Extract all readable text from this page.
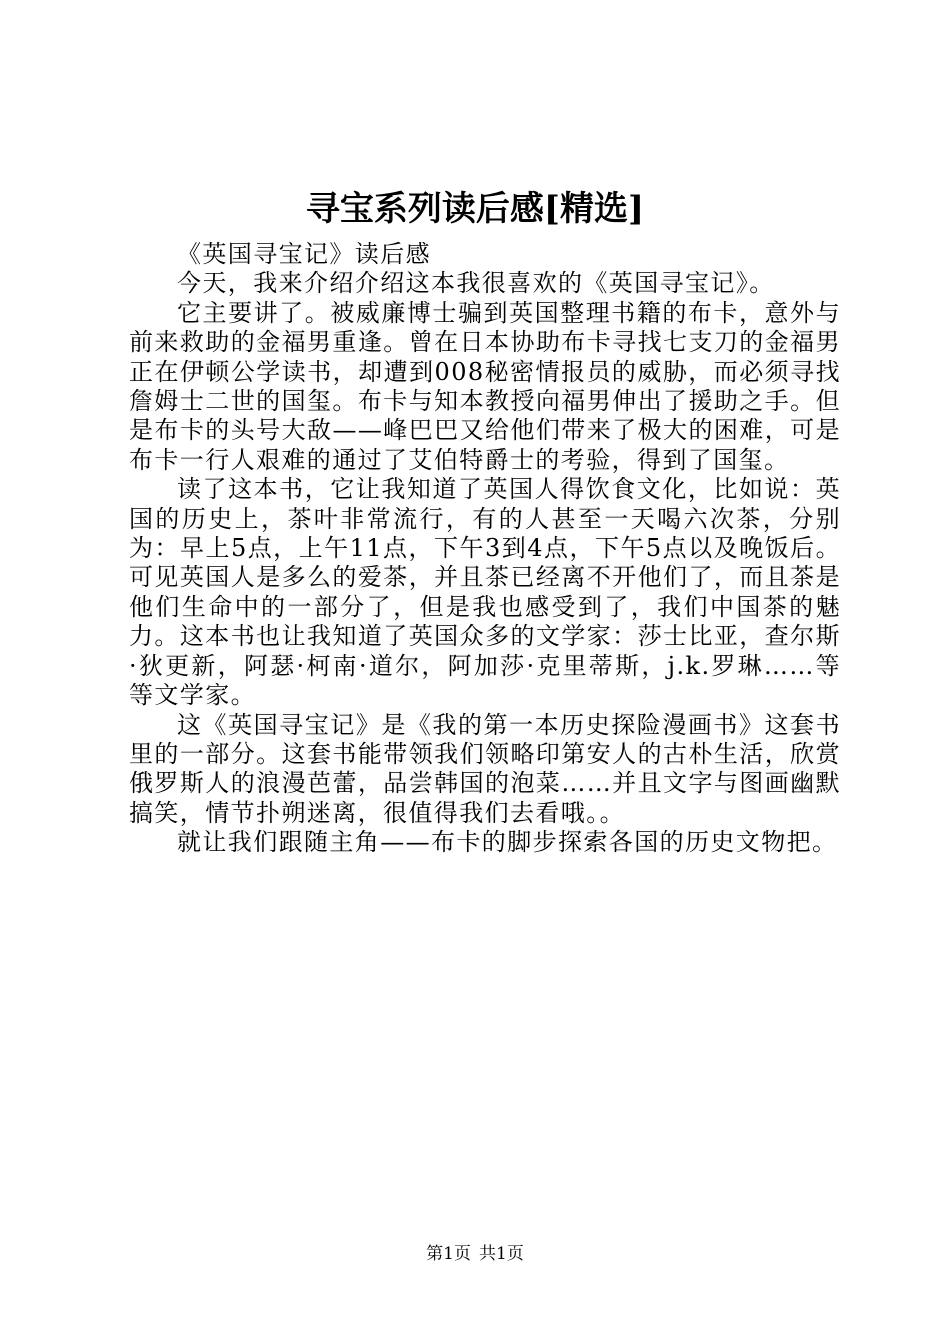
寻宝系列读后感[精选]

《英国寻宝记》读后感

今天，我来介绍介绍这本我很喜欢的《英国寻宝记》。

它主要讲了。被威廉博士骗到英国整理书籍的布卡，意外与前来救助的金福男重逢。曾在日本协助布卡寻找七支刀的金福男正在伊顿公学读书，却遭到008秘密情报员的威胁，而必须寻找詹姆士二世的国玺。布卡与知本教授向福男伸出了援助之手。但是布卡的头号大敌——峰巴巴又给他们带来了极大的困难，可是布卡一行人艰难的通过了艾伯特爵士的考验，得到了国玺。

读了这本书，它让我知道了英国人得饮食文化，比如说：英国的历史上，茶叶非常流行，有的人甚至一天喝六次茶，分别为：早上5点，上午11点，下午3到4点，下午5点以及晚饭后。可见英国人是多么的爱茶，并且茶已经离不开他们了，而且茶是他们生命中的一部分了，但是我也感受到了，我们中国茶的魅力。这本书也让我知道了英国众多的文学家：莎士比亚，查尔斯·狄更新，阿瑟·柯南·道尔，阿加莎·克里蒂斯，j.k.罗琳……等等文学家。

这《英国寻宝记》是《我的第一本历史探险漫画书》这套书里的一部分。这套书能带领我们领略印第安人的古朴生活，欣赏俄罗斯人的浪漫芭蕾，品尝韩国的泡菜……并且文字与图画幽默搞笑，情节扑朔迷离，很值得我们去看哦。。

就让我们跟随主角——布卡的脚步探索各国的历史文物把。

第1页 共1页
